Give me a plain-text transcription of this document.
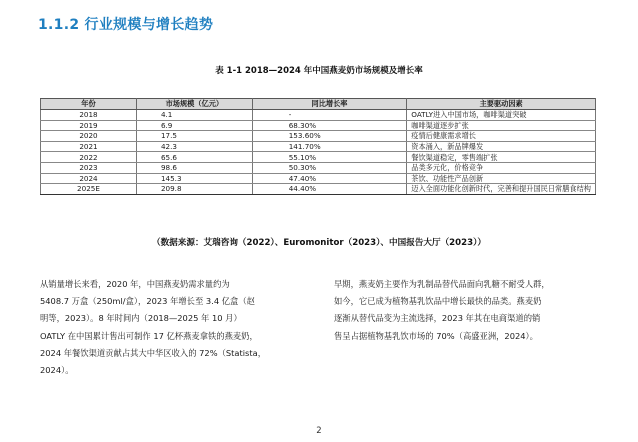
1.1.2 行业规模与增长趋势
表 1-1 2018—2024 年中国燕麦奶市场规模及增长率
年份	市场规模（亿元）	同比增长率	主要驱动因素
2018	4.1	-	OATLY进入中国市场，咖啡渠道突破
2019	6.9	68.30%	咖啡渠道逐步扩张
2020	17.5	153.60%	疫情后健康需求增长
2021	42.3	141.70%	资本涌入，新品牌爆发
2022	65.6	55.10%	餐饮渠道稳定，零售端扩张
2023	98.6	50.30%	品类多元化，价格竞争
2024	145.3	47.40%	茶饮、功能性产品创新
2025E	209.8	44.40%	迈入全面功能化创新时代，完善和提升国民日常膳食结构
（数据来源：艾瑞咨询（2022）、Euromonitor（2023）、中国报告大厅（2023））

从销量增长来看，2020 年，中国燕麦奶需求量约为

5408.7 万盒（250ml/盒），2023 年增长至 3.4 亿盒（赵

明等，2023）。8 年时间内（2018—2025 年 10 月）

OATLY 在中国累计售出可制作 17 亿杯燕麦拿铁的燕麦奶，

2024 年餐饮渠道贡献占其大中华区收入的 72%（Statista，

2024）。

早期，燕麦奶主要作为乳制品替代品面向乳糖不耐受人群，

如今，它已成为植物基乳饮品中增长最快的品类。燕麦奶

逐渐从替代品变为主流选择，2023 年其在电商渠道的销

售呈占据植物基乳饮市场的 70%（高盛亚洲，2024）。

2
